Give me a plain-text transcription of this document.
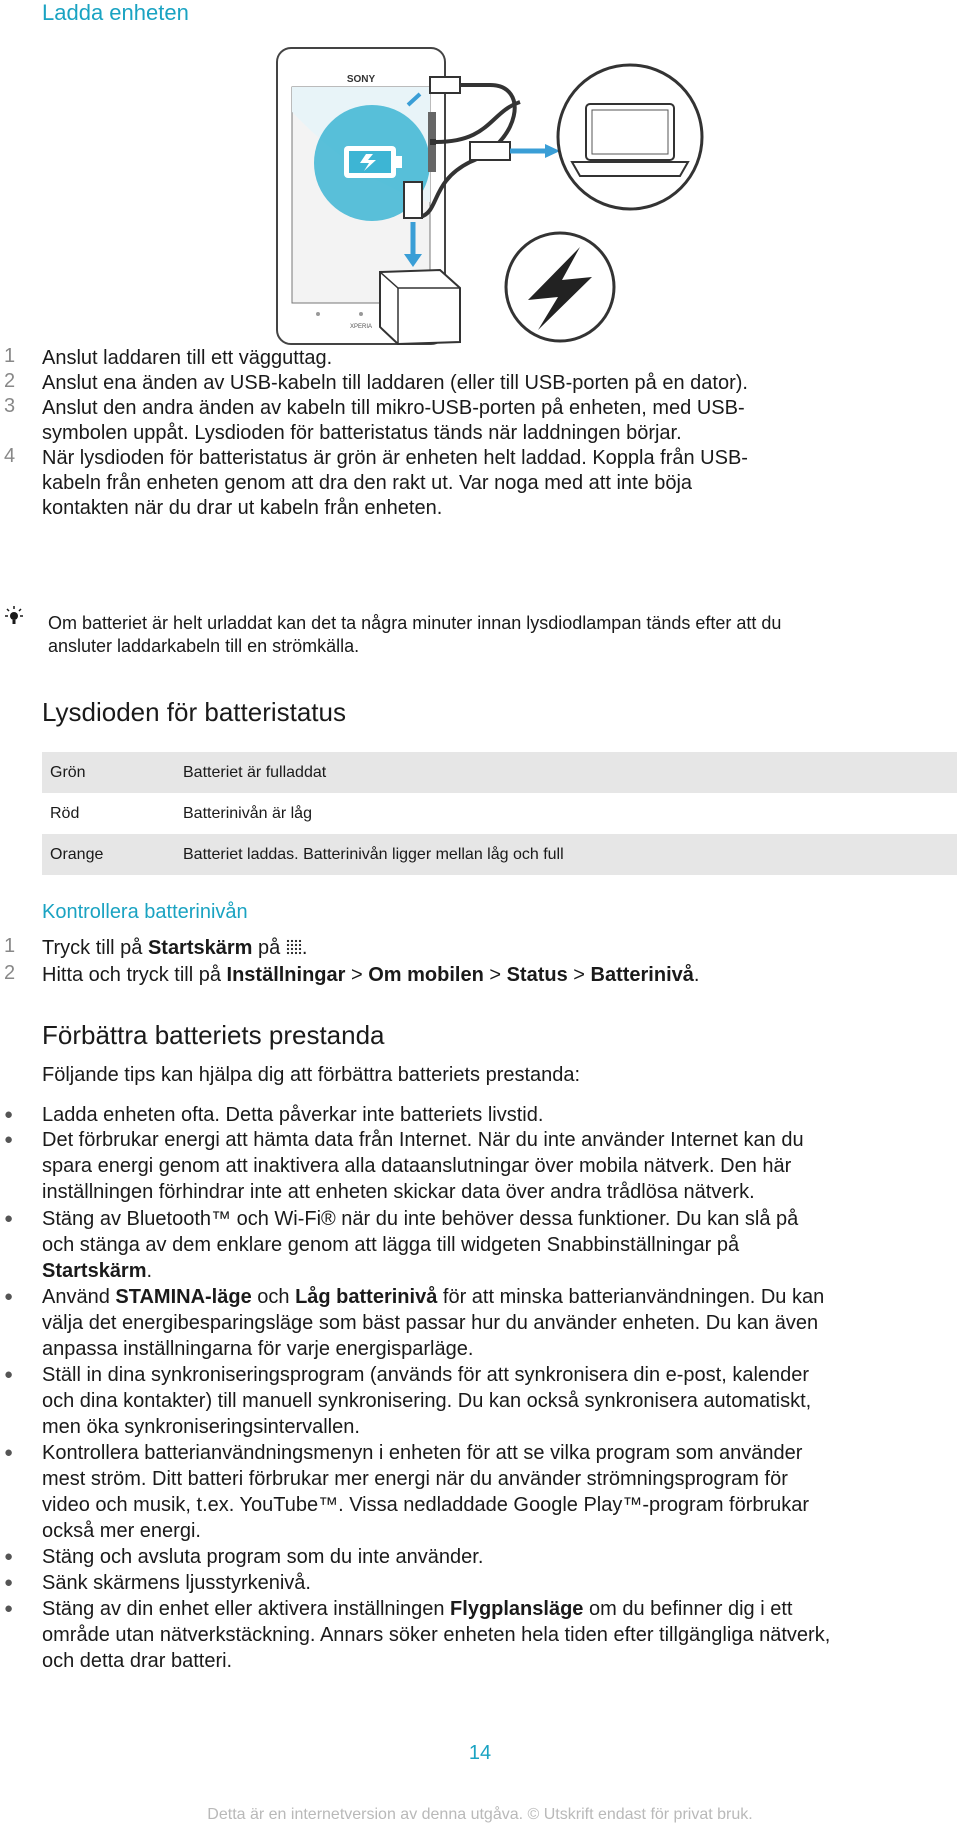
Ladda enheten
SONY
XPERIA
1 Anslut laddaren till ett vägguttag.
2 Anslut ena änden av USB-kabeln till laddaren (eller till USB-porten på en dator).
3 Anslut den andra änden av kabeln till mikro-USB-porten på enheten, med USB-
symbolen uppåt. Lysdioden för batteristatus tänds när laddningen börjar.
4 När lysdioden för batteristatus är grön är enheten helt laddad. Koppla från USB-
kabeln från enheten genom att dra den rakt ut. Var noga med att inte böja
kontakten när du drar ut kabeln från enheten.
Om batteriet är helt urladdat kan det ta några minuter innan lysdiodlampan tänds efter att du
ansluter laddarkabeln till en strömkälla.
Lysdioden för batteristatus
Grön	Batteriet är fulladdat
Röd	Batterinivån är låg
Orange	Batteriet laddas. Batterinivån ligger mellan låg och full
Kontrollera batterinivån
1 Tryck till på Startskärm på .
2 Hitta och tryck till på Inställningar > Om mobilen > Status > Batterinivå.
Förbättra batteriets prestanda
Följande tips kan hjälpa dig att förbättra batteriets prestanda:
● Ladda enheten ofta. Detta påverkar inte batteriets livstid.
● Det förbrukar energi att hämta data från Internet. När du inte använder Internet kan du
spara energi genom att inaktivera alla dataanslutningar över mobila nätverk. Den här
inställningen förhindrar inte att enheten skickar data över andra trådlösa nätverk.
● Stäng av Bluetooth™ och Wi-Fi® när du inte behöver dessa funktioner. Du kan slå på
och stänga av dem enklare genom att lägga till widgeten Snabbinställningar på
Startskärm.
● Använd STAMINA-läge och Låg batterinivå för att minska batterianvändningen. Du kan
välja det energibesparingsläge som bäst passar hur du använder enheten. Du kan även
anpassa inställningarna för varje energisparläge.
● Ställ in dina synkroniseringsprogram (används för att synkronisera din e-post, kalender
och dina kontakter) till manuell synkronisering. Du kan också synkronisera automatiskt,
men öka synkroniseringsintervallen.
● Kontrollera batterianvändningsmenyn i enheten för att se vilka program som använder
mest ström. Ditt batteri förbrukar mer energi när du använder strömningsprogram för
video och musik, t.ex. YouTube™. Vissa nedladdade Google Play™-program förbrukar
också mer energi.
● Stäng och avsluta program som du inte använder.
● Sänk skärmens ljusstyrkenivå.
● Stäng av din enhet eller aktivera inställningen Flygplansläge om du befinner dig i ett
område utan nätverkstäckning. Annars söker enheten hela tiden efter tillgängliga nätverk,
och detta drar batteri.
14
Detta är en internetversion av denna utgåva. © Utskrift endast för privat bruk.
